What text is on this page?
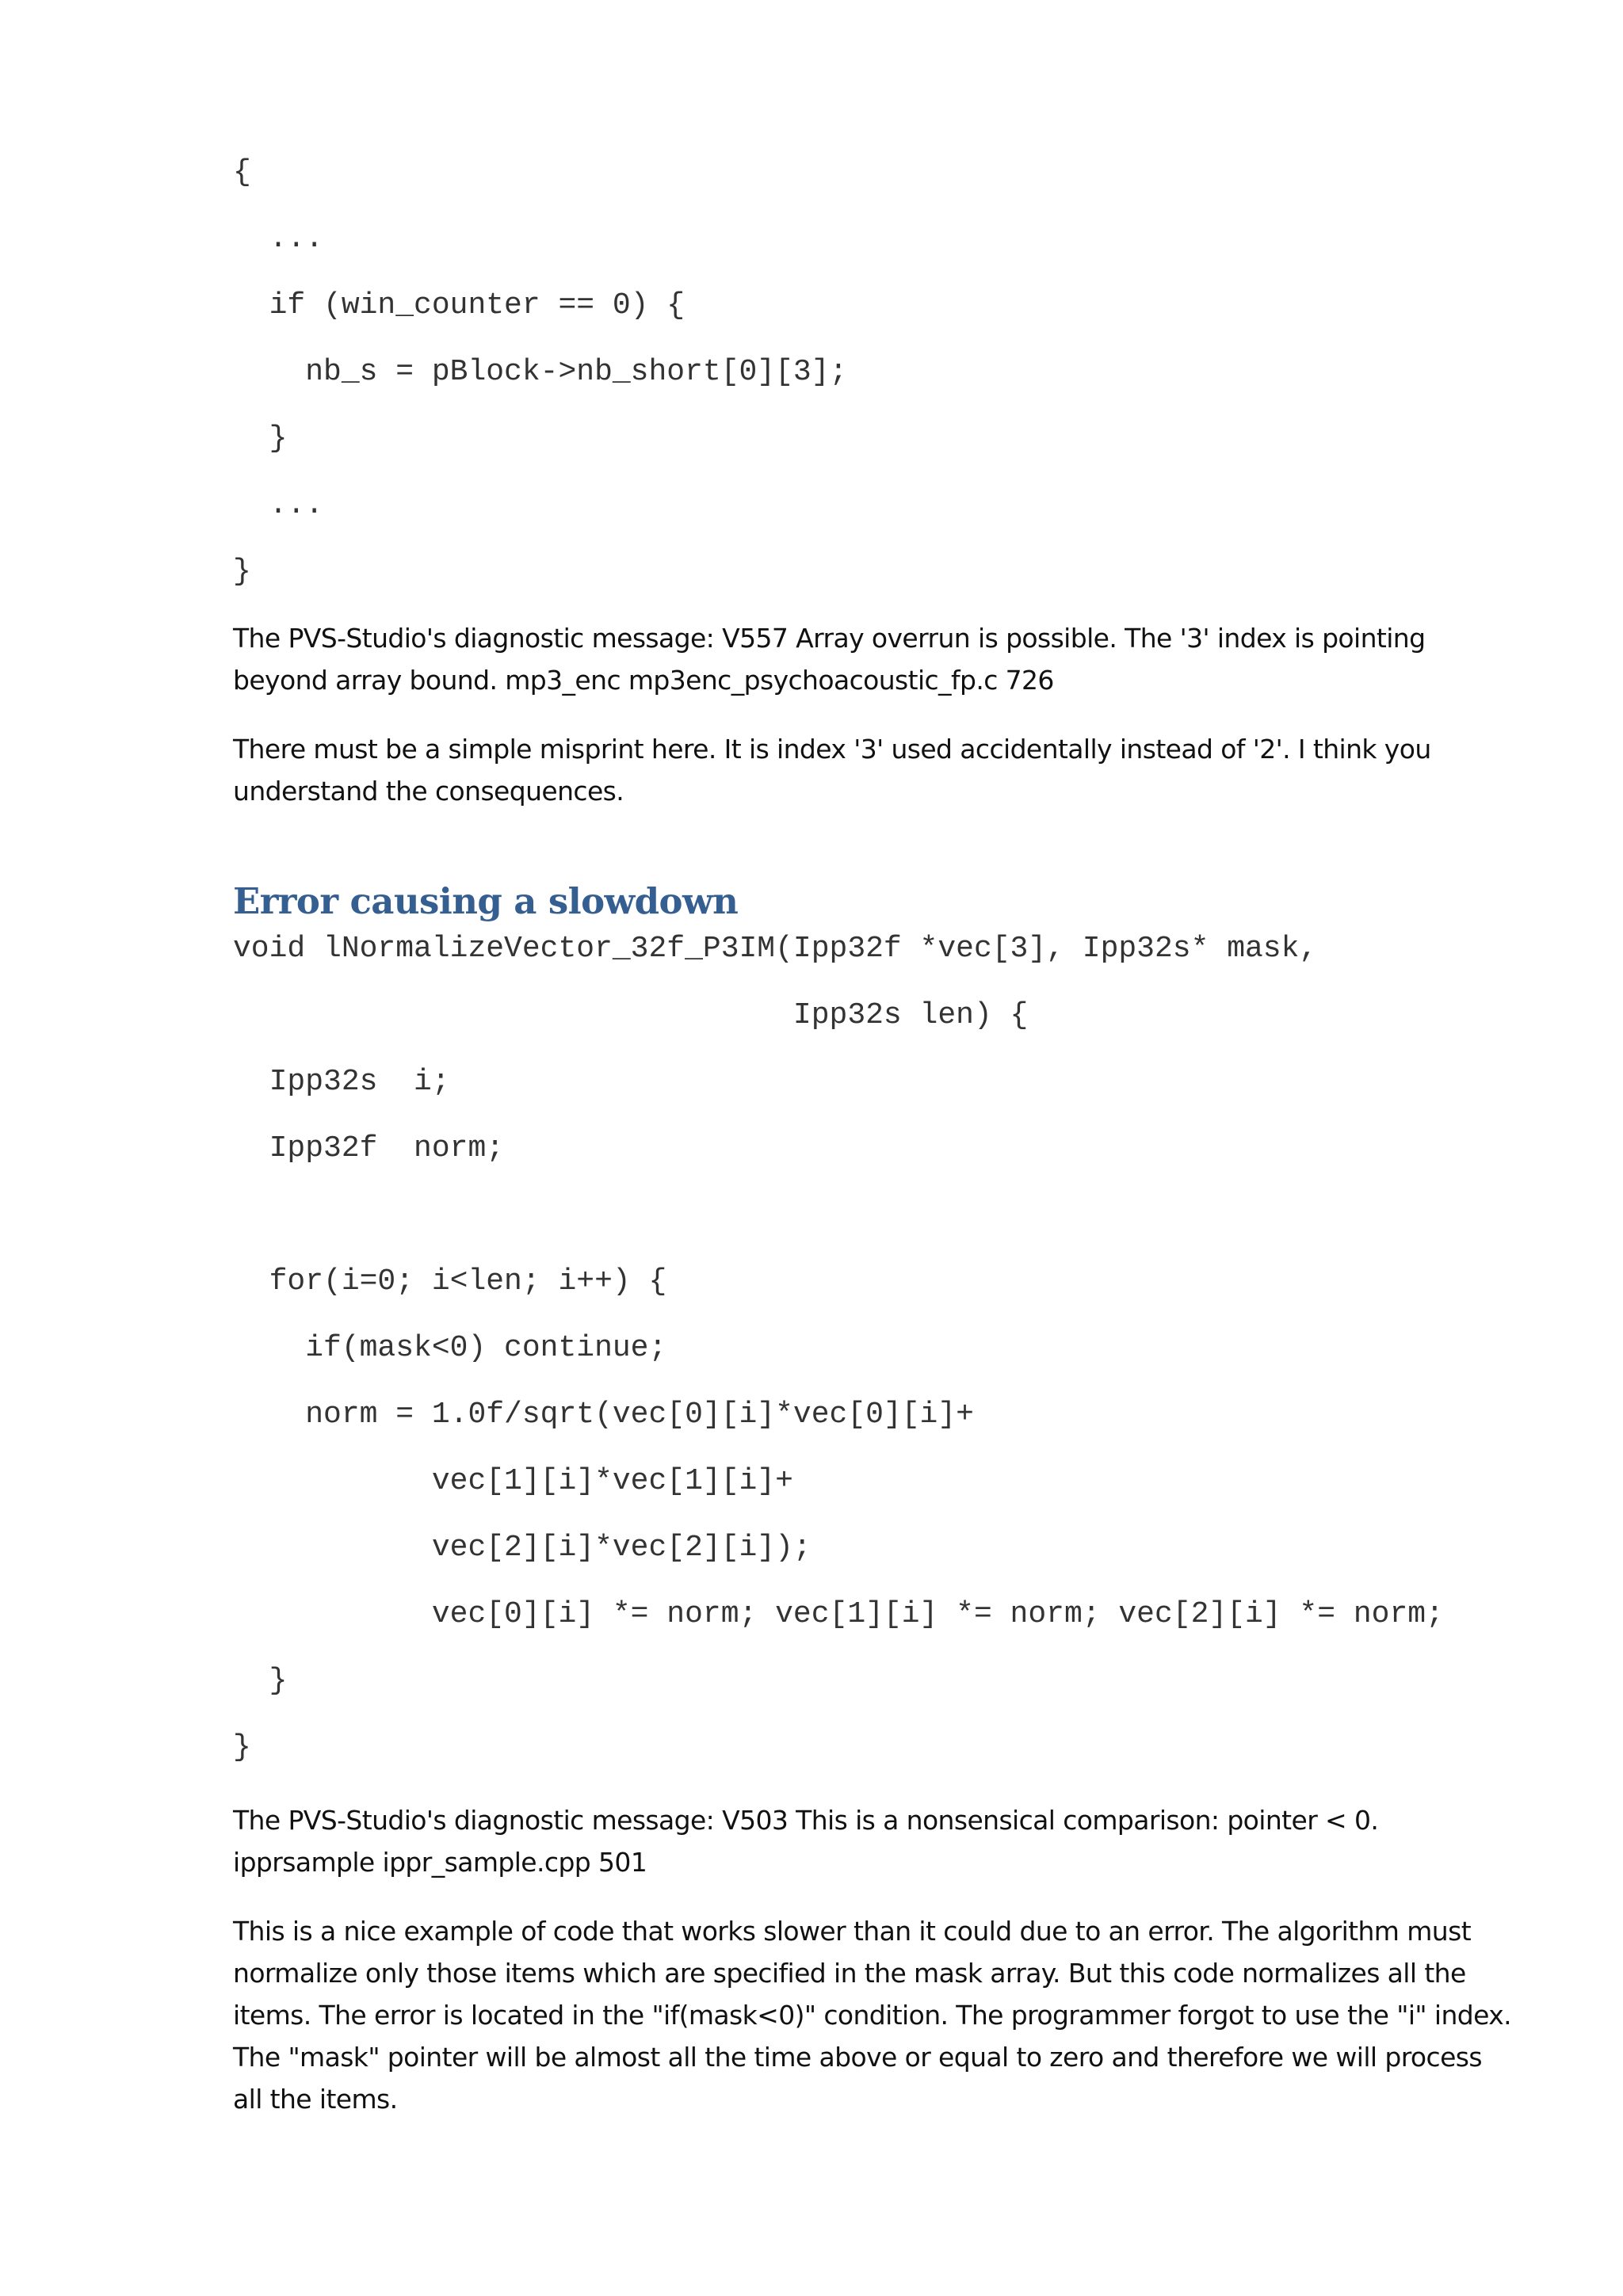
{
...
if (win_counter == 0) {
nb_s = pBlock->nb_short[0][3];
}
...
}

The PVS-Studio's diagnostic message: V557 Array overrun is possible. The '3' index is pointing beyond array bound. mp3_enc mp3enc_psychoacoustic_fp.c 726

There must be a simple misprint here. It is index '3' used accidentally instead of '2'. I think you understand the consequences.

Error causing a slowdown
void lNormalizeVector_32f_P3IM(Ipp32f *vec[3], Ipp32s* mask,
Ipp32s len) {
Ipp32s  i;
Ipp32f  norm;
for(i=0; i<len; i++) {
if(mask<0) continue;
norm = 1.0f/sqrt(vec[0][i]*vec[0][i]+
vec[1][i]*vec[1][i]+
vec[2][i]*vec[2][i]);
vec[0][i] *= norm; vec[1][i] *= norm; vec[2][i] *= norm;
}
}

The PVS-Studio's diagnostic message: V503 This is a nonsensical comparison: pointer < 0. ipprsample ippr_sample.cpp 501

This is a nice example of code that works slower than it could due to an error. The algorithm must normalize only those items which are specified in the mask array. But this code normalizes all the items. The error is located in the "if(mask<0)" condition. The programmer forgot to use the "i" index. The "mask" pointer will be almost all the time above or equal to zero and therefore we will process all the items.
